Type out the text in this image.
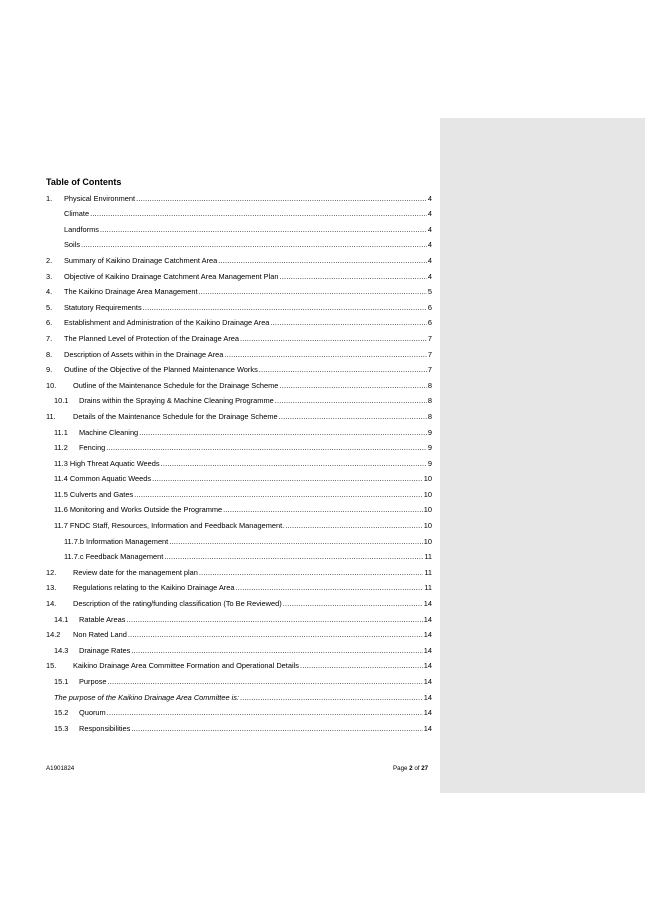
Table of Contents
1.	Physical Environment .....	4
Climate .....	4
Landforms .....	4
Soils .....	4
2.	Summary of Kaikino Drainage Catchment Area .....	4
3.	Objective of Kaikino Drainage Catchment Area Management Plan .....	4
4.	The Kaikino Drainage Area Management .....	5
5.	Statutory Requirements .....	6
6.	Establishment and Administration of the Kaikino Drainage Area .....	6
7.	The Planned Level of Protection of the Drainage Area .....	7
8.	Description of Assets within in the Drainage Area .....	7
9.	Outline of the Objective of the Planned Maintenance Works .....	7
10.	Outline of the Maintenance Schedule for the Drainage Scheme .....	8
10.1	Drains within the Spraying & Machine Cleaning Programme .....	8
11.	Details of the Maintenance Schedule for the Drainage Scheme .....	8
11.1	Machine Cleaning .....	9
11.2	Fencing .....	9
11.3 High Threat Aquatic Weeds .....	9
11.4 Common Aquatic Weeds .....	10
11.5 Culverts and Gates .....	10
11.6 Monitoring and Works Outside the Programme .....	10
11.7 FNDC Staff, Resources, Information and Feedback Management. .....	10
11.7.b Information Management .....	10
11.7.c Feedback Management .....	11
12.	Review date for the management plan .....	11
13.	Regulations relating to the Kaikino Drainage Area .....	11
14.	Description of the rating/funding classification (To Be Reviewed) .....	14
14.1	Ratable Areas .....	14
14.2	Non Rated Land .....	14
14.3	Drainage Rates .....	14
15.	Kaikino Drainage Area Committee Formation and Operational Details .....	14
15.1	Purpose .....	14
The purpose of the Kaikino Drainage Area Committee is: .....	14
15.2	Quorum .....	14
15.3	Responsibilities .....	14
A1901824	Page 2 of 27
